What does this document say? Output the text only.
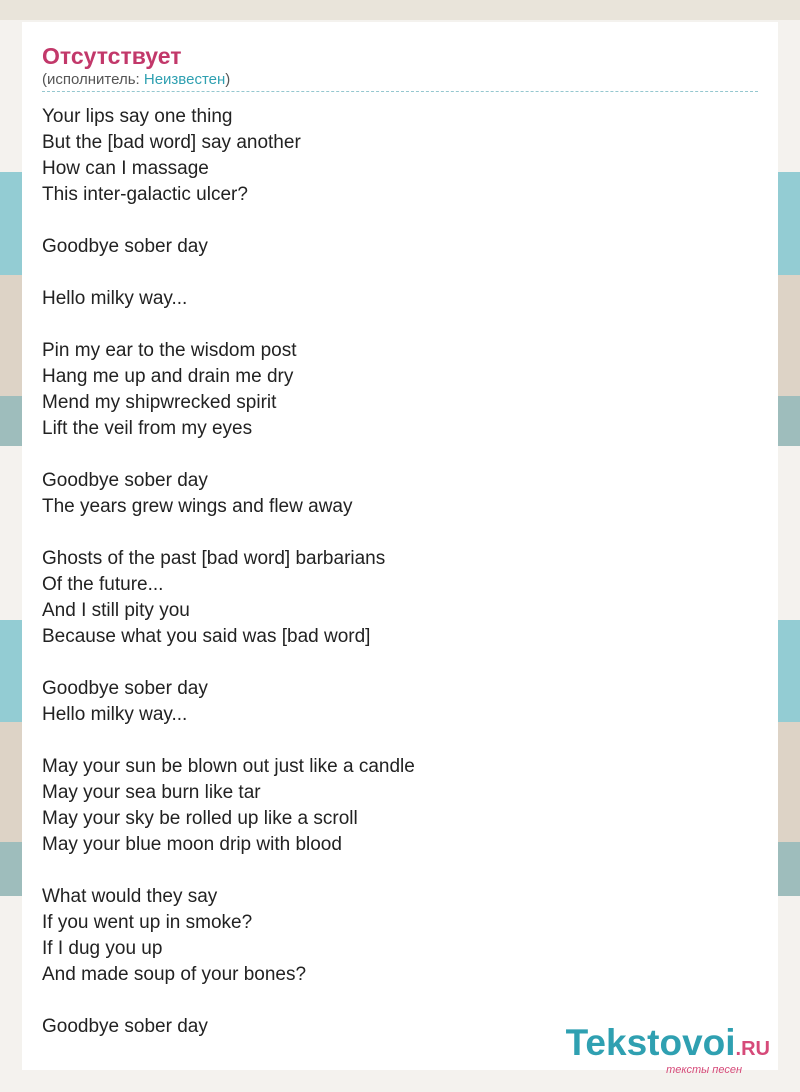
Отсутствует
(исполнитель: Неизвестен)
Your lips say one thing
But the [bad word] say another
How can I massage
This inter-galactic ulcer?
Goodbye sober day
Hello milky way...
Pin my ear to the wisdom post
Hang me up and drain me dry
Mend my shipwrecked spirit
Lift the veil from my eyes
Goodbye sober day
The years grew wings and flew away
Ghosts of the past [bad word] barbarians
Of the future...
And I still pity you
Because what you said was [bad word]
Goodbye sober day
Hello milky way...
May your sun be blown out just like a candle
May your sea burn like tar
May your sky be rolled up like a scroll
May your blue moon drip with blood
What would they say
If you went up in smoke?
If I dug you up
And made soup of your bones?
Goodbye sober day	Tekstovoi.RU
тексты песен
